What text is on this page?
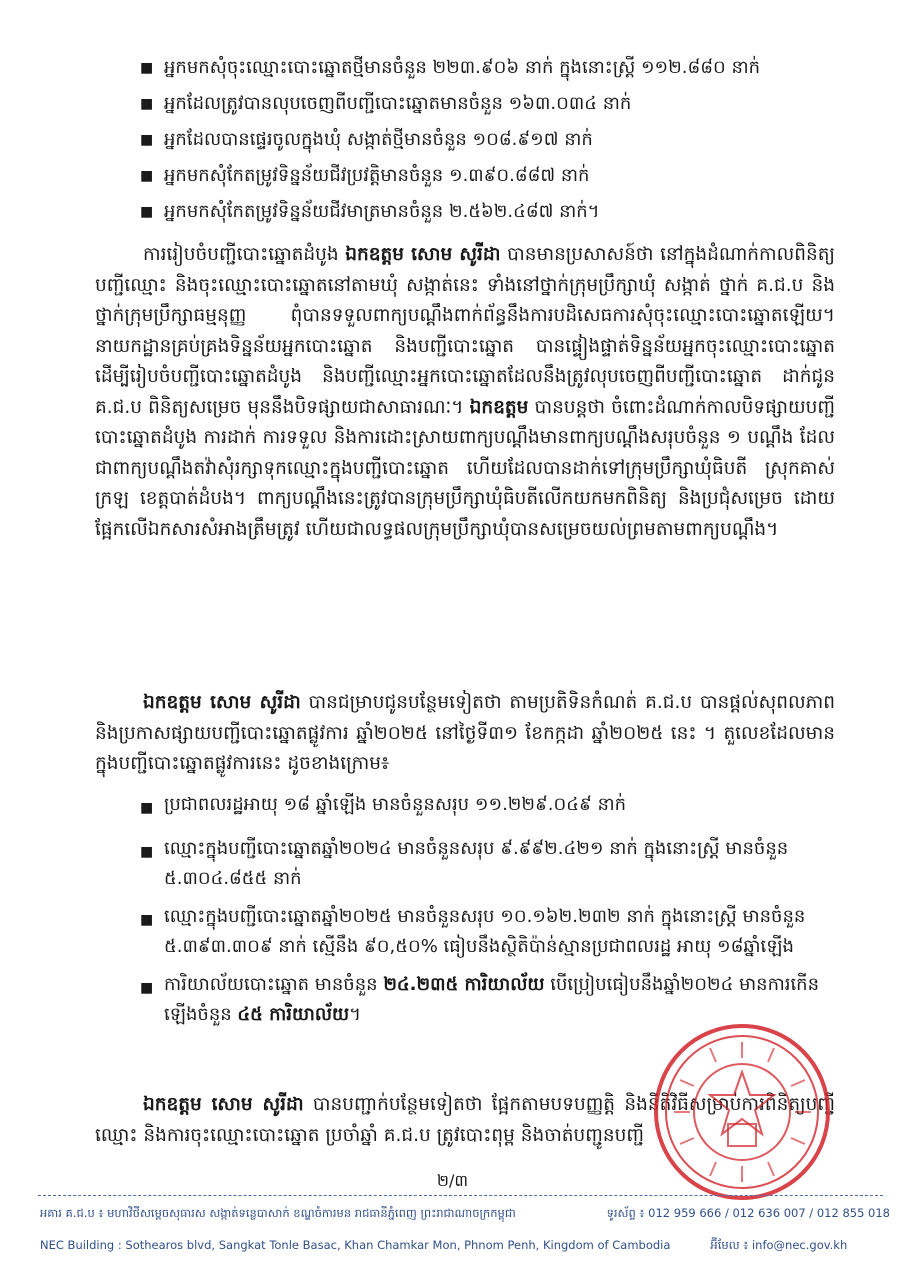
■ អ្នកមកសុំចុះឈ្មោះបោះឆ្នោតថ្មីមានចំនួន ២២៣.៩០៦ នាក់ ក្នុងនោះស្ត្រី ១១២.៨៨០ នាក់
■ អ្នកដែលត្រូវបានលុបចេញពីបញ្ជីបោះឆ្នោតមានចំនួន ១៦៣.០៣៤ នាក់
■ អ្នកដែលបានផ្ទេរចូលក្នុងឃុំ សង្កាត់ថ្មីមានចំនួន ១០៨.៩១៧ នាក់
■ អ្នកមកសុំកែតម្រូវទិន្នន័យជីវប្រវត្តិមានចំនួន ១.៣៩០.៨៨៧ នាក់
■ អ្នកមកសុំកែតម្រូវទិន្នន័យជីវមាត្រមានចំនួន ២.៥៦២.៤៨៧ នាក់។
ការរៀបចំបញ្ជីបោះឆ្នោតដំបូង ឯកឧត្តម សោម សូរីដា បានមានប្រសាសន៍ថា នៅក្នុងដំណាក់កាលពិនិត្យបញ្ជីឈ្មោះ និងចុះឈ្មោះបោះឆ្នោតនៅតាមឃុំ សង្កាត់នេះ ទាំងនៅថ្នាក់ក្រុមប្រឹក្សាឃុំ សង្កាត់ ថ្នាក់ គ.ជ.ប និងថ្នាក់ក្រុមប្រឹក្សាធម្មនុញ្ញ ពុំបានទទួលពាក្យបណ្តឹងពាក់ព័ន្ធនឹងការបដិសេធការសុំចុះឈ្មោះបោះឆ្នោតឡើយ។ នាយកដ្ឋានគ្រប់គ្រងទិន្នន័យអ្នកបោះឆ្នោត និងបញ្ជីបោះឆ្នោត បានផ្ទៀងផ្ទាត់ទិន្នន័យអ្នកចុះឈ្មោះបោះឆ្នោត ដើម្បីរៀបចំបញ្ជីបោះឆ្នោតដំបូង និងបញ្ជីឈ្មោះអ្នកបោះឆ្នោតដែលនឹងត្រូវលុបចេញពីបញ្ជីបោះឆ្នោត ដាក់ជូន គ.ជ.ប ពិនិត្យសម្រេច មុននឹងបិទផ្សាយជាសាធារណៈ។ ឯកឧត្តម បានបន្តថា ចំពោះដំណាក់កាលបិទផ្សាយបញ្ជីបោះឆ្នោតដំបូង ការដាក់ ការទទួល និងការដោះស្រាយពាក្យបណ្តឹងមានពាក្យបណ្តឹងសរុបចំនួន ១ បណ្តឹង ដែលជាពាក្យបណ្តឹងតវ៉ាសុំរក្សាទុកឈ្មោះក្នុងបញ្ជីបោះឆ្នោត ហើយដែលបានដាក់ទៅក្រុមប្រឹក្សាឃុំធិបតី ស្រុកគាស់ក្រឡ ខេត្តបាត់ដំបង។ ពាក្យបណ្តឹងនេះត្រូវបានក្រុមប្រឹក្សាឃុំធិបតីលើកយកមកពិនិត្យ និងប្រជុំសម្រេច ដោយផ្អែកលើឯកសារសំអាងត្រឹមត្រូវ ហើយជាលទ្ធផលក្រុមប្រឹក្សាឃុំបានសម្រេចយល់ព្រមតាមពាក្យបណ្តឹង។
ឯកឧត្តម សោម សូរីដា បានជម្រាបជូនបន្ថែមទៀតថា តាមប្រតិទិនកំណត់ គ.ជ.ប បានផ្តល់សុពលភាព និងប្រកាសផ្សាយបញ្ជីបោះឆ្នោតផ្លូវការ ឆ្នាំ២០២៥ នៅថ្ងៃទី៣១ ខែកក្កដា ឆ្នាំ២០២៥ នេះ ។ តួលេខដែលមានក្នុងបញ្ជីបោះឆ្នោតផ្លូវការនេះ ដូចខាងក្រោម៖
■ ប្រជាពលរដ្ឋអាយុ ១៨ ឆ្នាំឡើង មានចំនួនសរុប ១១.២២៩.០៤៩ នាក់
■ ឈ្មោះក្នុងបញ្ជីបោះឆ្នោតឆ្នាំ២០២៤ មានចំនួនសរុប ៩.៩៩២.៤២១ នាក់ ក្នុងនោះស្ត្រី មានចំនួន ៥.៣០៤.៨៥៥ នាក់
■ ឈ្មោះក្នុងបញ្ជីបោះឆ្នោតឆ្នាំ២០២៥ មានចំនួនសរុប ១០.១៦២.២៣២ នាក់ ក្នុងនោះស្ត្រី មានចំនួន ៥.៣៩៣.៣០៩ នាក់ ស្មើនឹង ៩០,៥០% ធៀបនឹងស្ថិតិប៉ាន់ស្មានប្រជាពលរដ្ឋ អាយុ ១៨ឆ្នាំឡើង
■ ការិយាល័យបោះឆ្នោត មានចំនួន ២៤.២៣៥ ការិយាល័យ បើប្រៀបធៀបនឹងឆ្នាំ២០២៤ មានការកើនឡើងចំនួន ៤៥ ការិយាល័យ។
ឯកឧត្តម សោម សូរីដា បានបញ្ជាក់បន្ថែមទៀតថា ផ្អែកតាមបទបញ្ញត្តិ និងនីតិវិធីសម្រាប់ការពិនិត្យបញ្ជីឈ្មោះ និងការចុះឈ្មោះបោះឆ្នោត ប្រចាំឆ្នាំ គ.ជ.ប ត្រូវបោះពុម្ព និងចាត់បញ្ជូនបញ្ជី
២/៣
អគារ គ.ជ.ប ៖ មហាវិថីសម្តេចសុធារស សង្កាត់ទន្លេបាសាក់ ខណ្ឌចំការមន រាជធានីភ្នំពេញ ព្រះរាជាណាចក្រកម្ពុជា	ទូរស័ព្ទ ៖ 012 959 666 / 012 636 007 / 012 855 018
NEC Building : Sothearos blvd, Sangkat Tonle Basac, Khan Chamkar Mon, Phnom Penh, Kingdom of Cambodia	អ៊ីមែល ៖ info@nec.gov.kh
